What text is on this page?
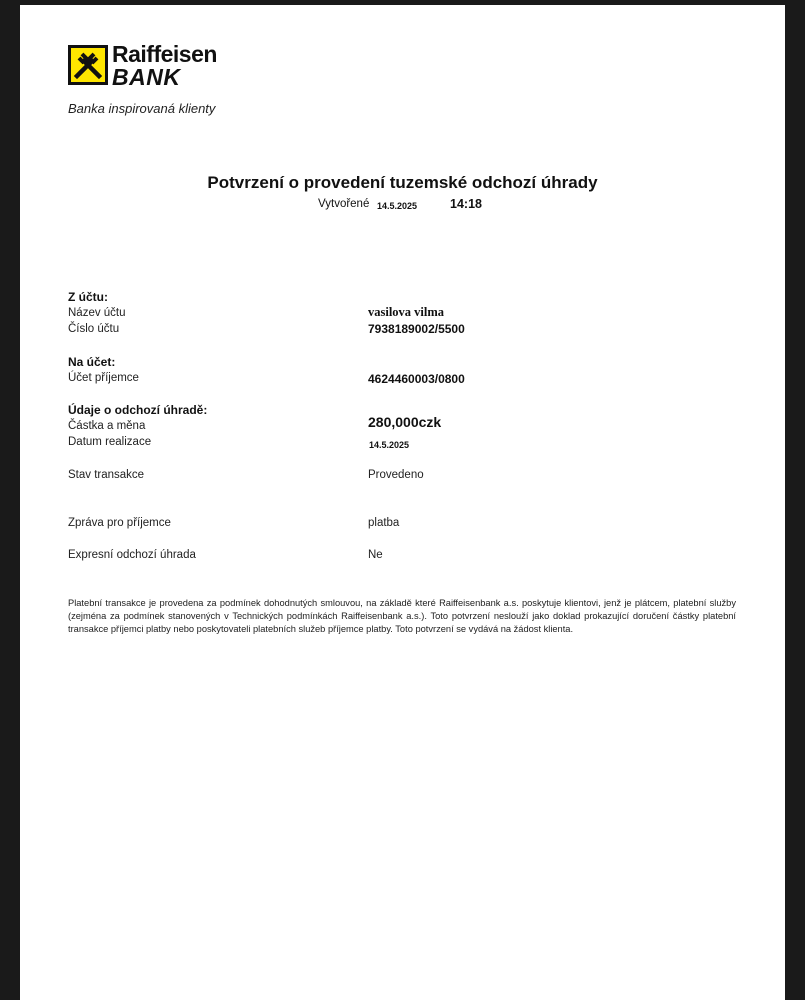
Raiffeisen
BANK
Banka inspirovaná klienty
Potvrzení o provedení tuzemské odchozí úhrady
Vytvořené 14.5.2025	14:18
Z účtu:
Název účtu	vasilova vilma
Číslo účtu	7938189002/5500
Na účet:
Účet příjemce	4624460003/0800
Údaje o odchozí úhradě:
Částka a měna	280,000czk
Datum realizace	14.5.2025
Stav transakce	Provedeno
Zpráva pro příjemce	platba
Expresní odchozí úhrada	Ne
Platební transakce je provedena za podmínek dohodnutých smlouvou, na základě které Raiffeisenbank a.s. poskytuje klientovi, jenž je plátcem, platební služby (zejména za podmínek stanovených v Technických podmínkách Raiffeisenbank a.s.). Toto potvrzení neslouží jako doklad prokazující doručení částky platební transakce příjemci platby nebo poskytovateli platebních služeb příjemce platby. Toto potvrzení se vydává na žádost klienta.
